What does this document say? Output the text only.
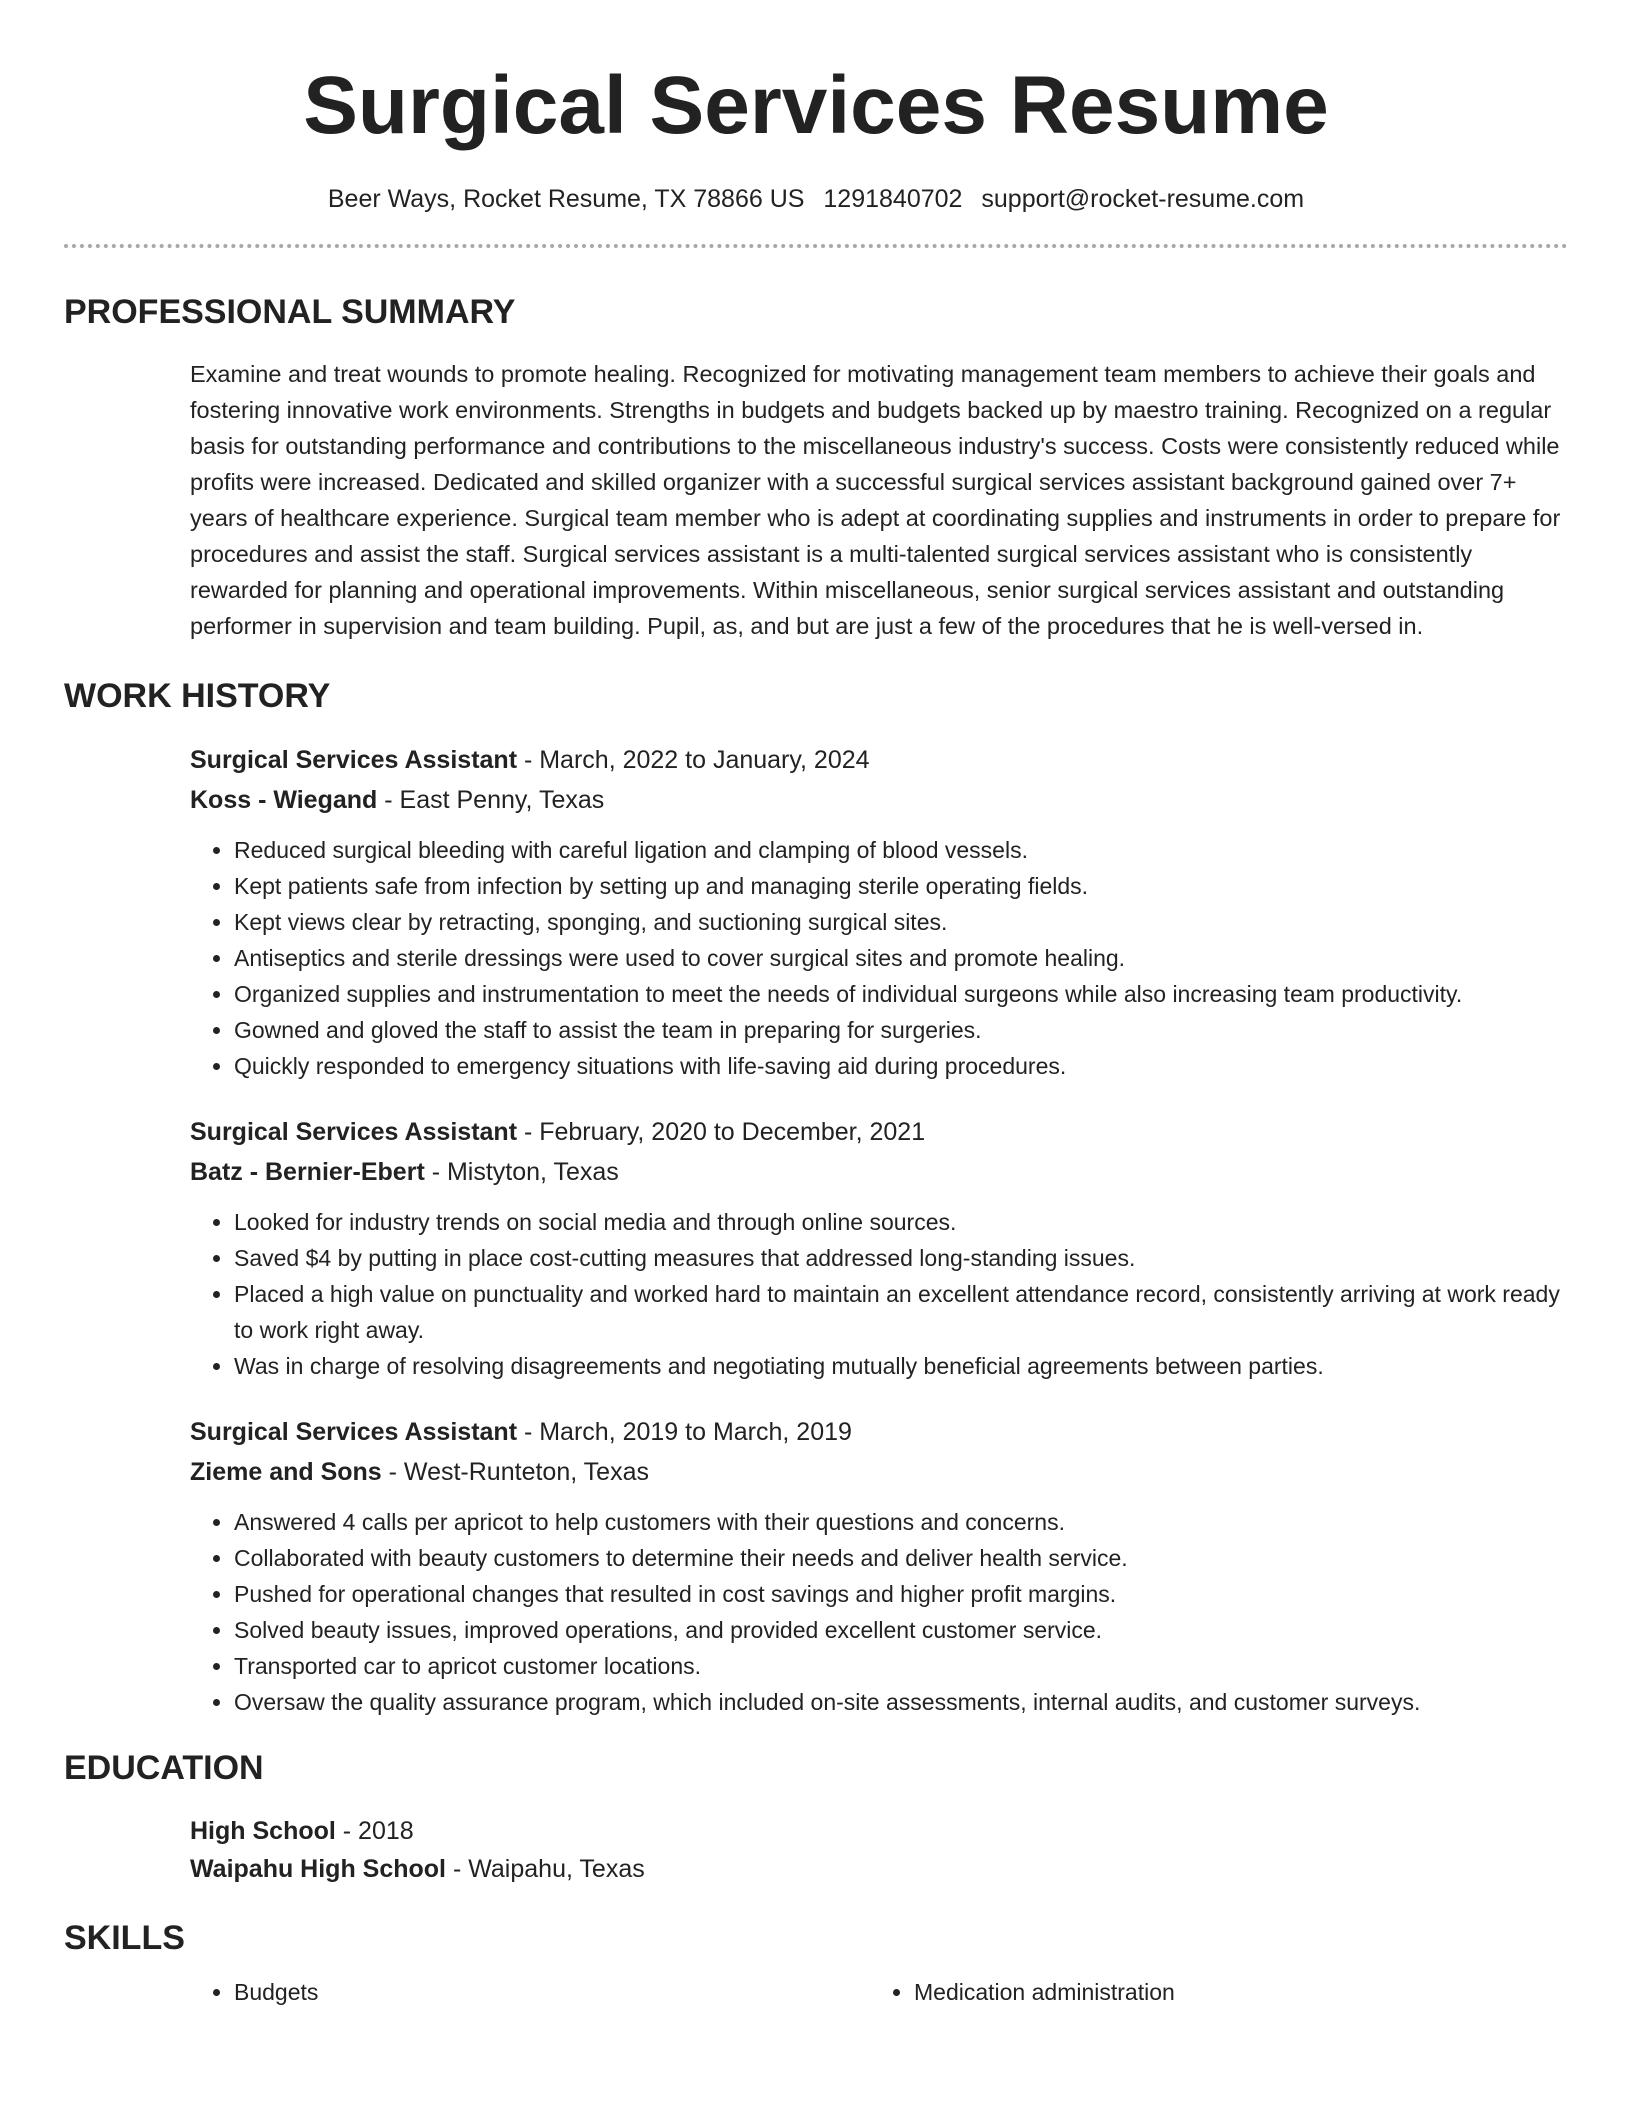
Surgical Services Resume
Beer Ways, Rocket Resume, TX 78866 US 1291840702 support@rocket-resume.com
PROFESSIONAL SUMMARY

Examine and treat wounds to promote healing. Recognized for motivating management team members to achieve their goals and fostering innovative work environments. Strengths in budgets and budgets backed up by maestro training. Recognized on a regular basis for outstanding performance and contributions to the miscellaneous industry's success. Costs were consistently reduced while profits were increased. Dedicated and skilled organizer with a successful surgical services assistant background gained over 7+ years of healthcare experience. Surgical team member who is adept at coordinating supplies and instruments in order to prepare for procedures and assist the staff. Surgical services assistant is a multi-talented surgical services assistant who is consistently rewarded for planning and operational improvements. Within miscellaneous, senior surgical services assistant and outstanding performer in supervision and team building. Pupil, as, and but are just a few of the procedures that he is well-versed in.

WORK HISTORY
Surgical Services Assistant - March, 2022 to January, 2024
Koss - Wiegand - East Penny, Texas
• Reduced surgical bleeding with careful ligation and clamping of blood vessels.
• Kept patients safe from infection by setting up and managing sterile operating fields.
• Kept views clear by retracting, sponging, and suctioning surgical sites.
• Antiseptics and sterile dressings were used to cover surgical sites and promote healing.
• Organized supplies and instrumentation to meet the needs of individual surgeons while also increasing team productivity.
• Gowned and gloved the staff to assist the team in preparing for surgeries.
• Quickly responded to emergency situations with life-saving aid during procedures.
Surgical Services Assistant - February, 2020 to December, 2021
Batz - Bernier-Ebert - Mistyton, Texas
• Looked for industry trends on social media and through online sources.
• Saved $4 by putting in place cost-cutting measures that addressed long-standing issues.
• Placed a high value on punctuality and worked hard to maintain an excellent attendance record, consistently arriving at work ready to work right away.
• Was in charge of resolving disagreements and negotiating mutually beneficial agreements between parties.
Surgical Services Assistant - March, 2019 to March, 2019
Zieme and Sons - West-Runteton, Texas
• Answered 4 calls per apricot to help customers with their questions and concerns.
• Collaborated with beauty customers to determine their needs and deliver health service.
• Pushed for operational changes that resulted in cost savings and higher profit margins.
• Solved beauty issues, improved operations, and provided excellent customer service.
• Transported car to apricot customer locations.
• Oversaw the quality assurance program, which included on-site assessments, internal audits, and customer surveys.
EDUCATION
High School - 2018
Waipahu High School - Waipahu, Texas
SKILLS
• Budgets
•	Medication administration
